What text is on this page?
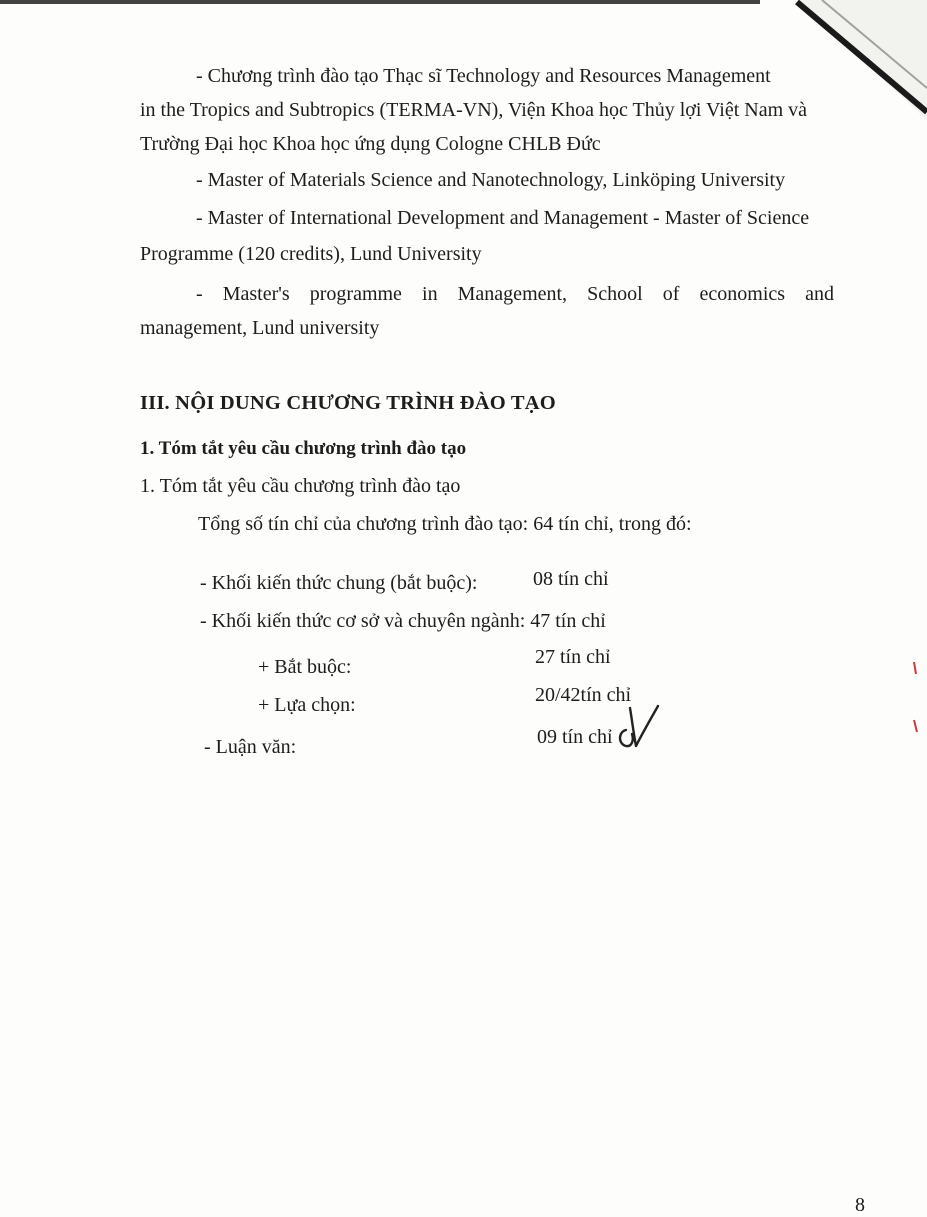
- Chương trình đào tạo Thạc sĩ Technology and Resources Management

in the Tropics and Subtropics (TERMA-VN), Viện Khoa học Thủy lợi Việt Nam và

Trường Đại học Khoa học ứng dụng Cologne CHLB Đức

- Master of Materials Science and Nanotechnology, Linköping University

- Master of International Development and Management - Master of Science

Programme (120 credits), Lund University

- Master's programme in Management, School of economics and

management, Lund university

III. NỘI DUNG CHƯƠNG TRÌNH ĐÀO TẠO

1. Tóm tắt yêu cầu chương trình đào tạo

1. Tóm tắt yêu cầu chương trình đào tạo

Tổng số tín chỉ của chương trình đào tạo: 64 tín chỉ, trong đó:

- Khối kiến thức chung (bắt buộc):	08 tín chỉ

- Khối kiến thức cơ sở và chuyên ngành: 47 tín chỉ

+ Bắt buộc:	27 tín chỉ

+ Lựa chọn:	20/42tín chỉ

- Luận văn:	09 tín chỉ

8
